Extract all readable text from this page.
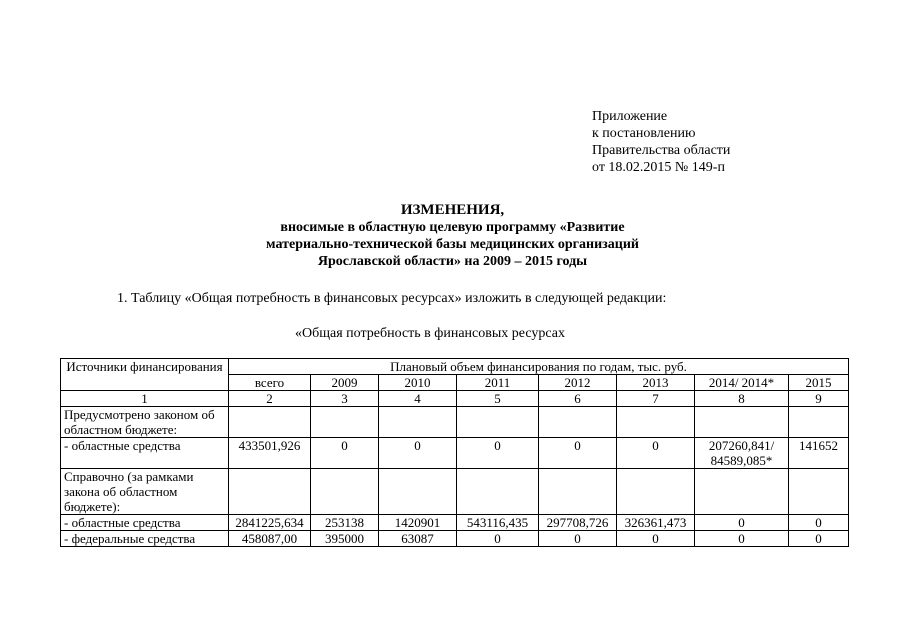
Приложение
к постановлению
Правительства области
от 18.02.2015 № 149-п
ИЗМЕНЕНИЯ,
вносимые в областную целевую программу «Развитие
материально-технической базы медицинских организаций
Ярославской области» на 2009 – 2015 годы
1. Таблицу «Общая потребность в финансовых ресурсах» изложить в следующей редакции:
«Общая потребность в финансовых ресурсах
Источники финансирования	Плановый объем финансирования по годам, тыс. руб.							
	всего	2009	2010	2011	2012	2013	2014/ 2014*	2015
1	2	3	4	5	6	7	8	9
Предусмотрено законом об областном бюджете:								
- областные средства	433501,926	0	0	0	0	0	207260,841/ 84589,085*	141652
Справочно (за рамками закона об областном бюджете):								
- областные средства	2841225,634	253138	1420901	543116,435	297708,726	326361,473	0	0
- федеральные средства	458087,00	395000	63087	0	0	0	0	0
